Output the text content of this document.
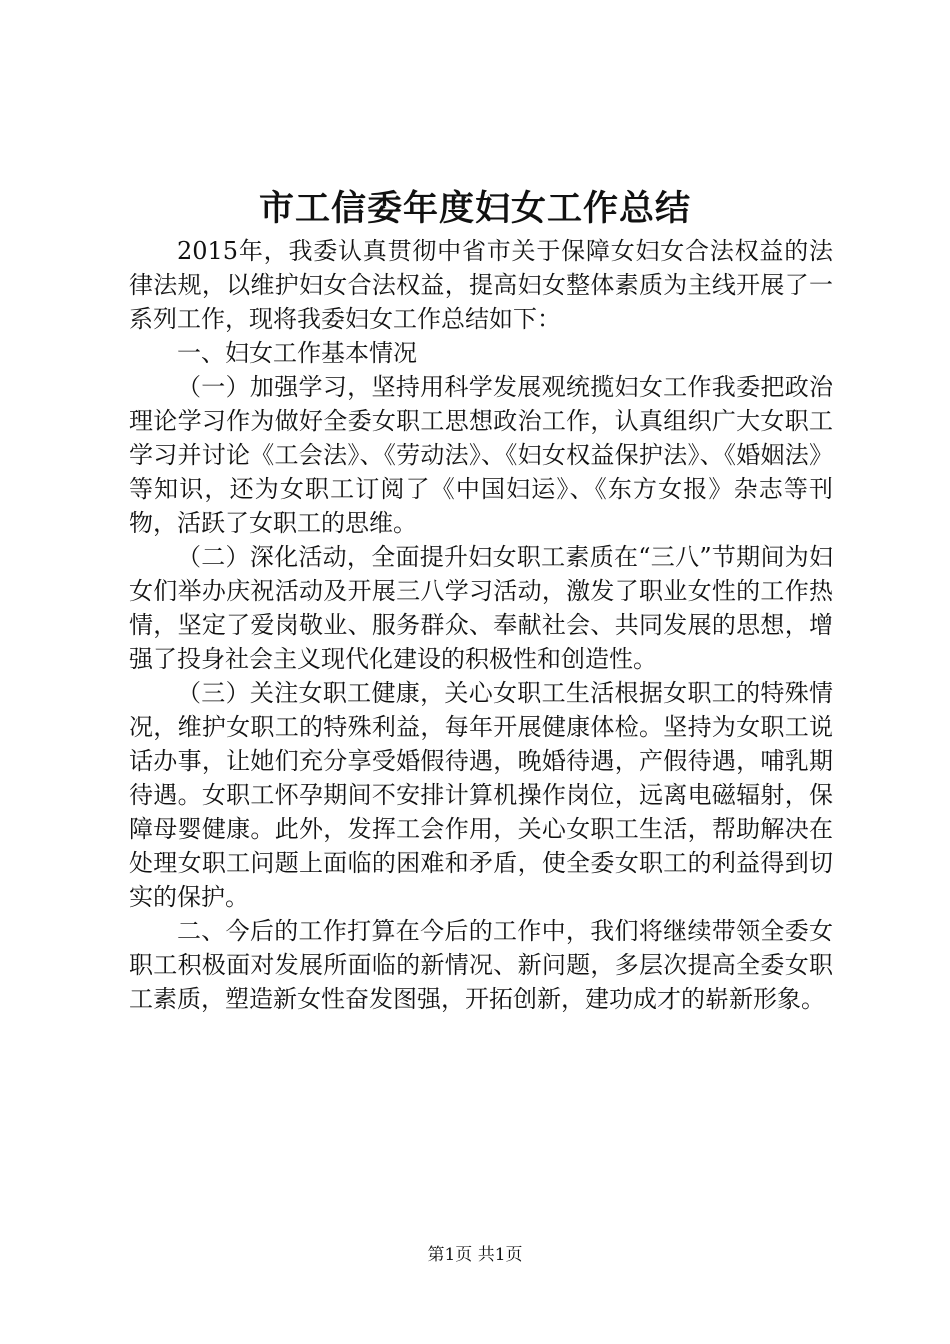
市工信委年度妇女工作总结

2015年，我委认真贯彻中省市关于保障女妇女合法权益的法律法规，以维护妇女合法权益，提高妇女整体素质为主线开展了一系列工作，现将我委妇女工作总结如下：

一、妇女工作基本情况

（一）加强学习，坚持用科学发展观统揽妇女工作我委把政治理论学习作为做好全委女职工思想政治工作，认真组织广大女职工学习并讨论《工会法》、《劳动法》、《妇女权益保护法》、《婚姻法》等知识，还为女职工订阅了《中国妇运》、《东方女报》杂志等刊物，活跃了女职工的思维。

（二）深化活动，全面提升妇女职工素质在“三八”节期间为妇女们举办庆祝活动及开展三八学习活动，激发了职业女性的工作热情，坚定了爱岗敬业、服务群众、奉献社会、共同发展的思想，增强了投身社会主义现代化建设的积极性和创造性。

（三）关注女职工健康，关心女职工生活根据女职工的特殊情况，维护女职工的特殊利益，每年开展健康体检。坚持为女职工说话办事，让她们充分享受婚假待遇，晚婚待遇，产假待遇，哺乳期待遇。女职工怀孕期间不安排计算机操作岗位，远离电磁辐射，保障母婴健康。此外，发挥工会作用，关心女职工生活，帮助解决在处理女职工问题上面临的困难和矛盾，使全委女职工的利益得到切实的保护。

二、今后的工作打算在今后的工作中，我们将继续带领全委女职工积极面对发展所面临的新情况、新问题，多层次提高全委女职工素质，塑造新女性奋发图强，开拓创新，建功成才的崭新形象。

第1页 共1页
